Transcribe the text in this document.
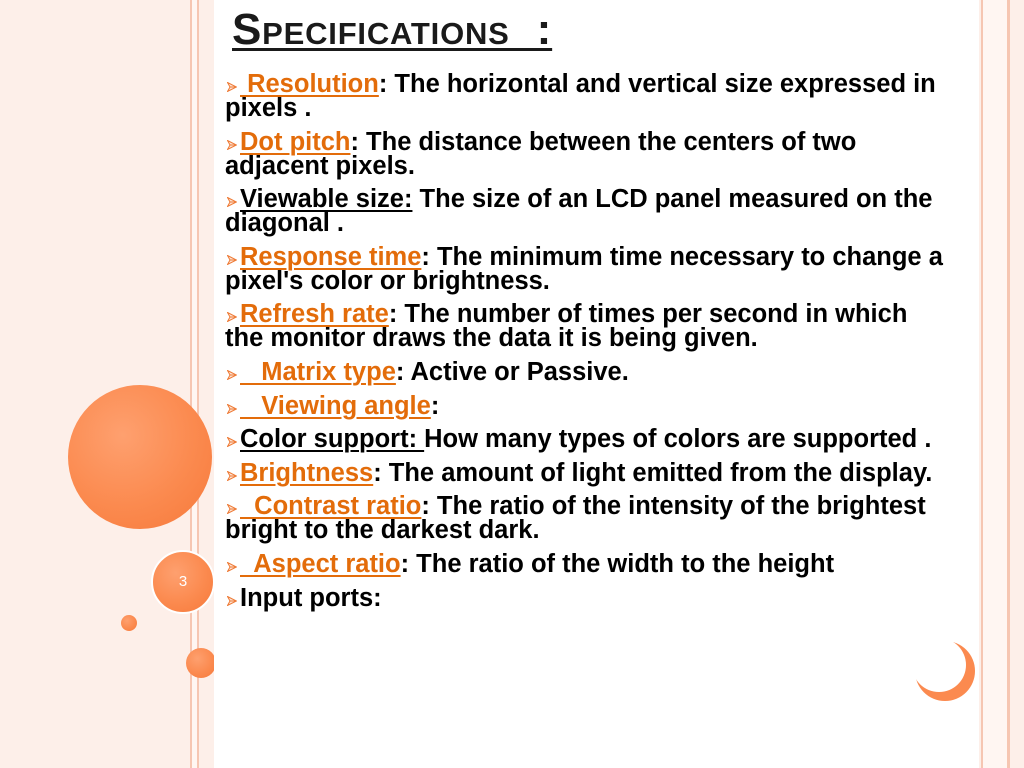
3
Specifications :
Resolution: The horizontal and vertical size expressed in pixels .
Dot pitch: The distance between the centers of two adjacent pixels.
Viewable size: The size of an LCD panel measured on the diagonal .
Response time: The minimum time necessary to change a pixel's color or brightness.
Refresh rate: The number of times per second in which the monitor draws the data it is being given.
Matrix type: Active or Passive.
Viewing angle:
Color support: How many types of colors are supported .
Brightness: The amount of light emitted from the display.
Contrast ratio: The ratio of the intensity of the brightest bright to the darkest dark.
Aspect ratio: The ratio of the width to the height
Input ports:
